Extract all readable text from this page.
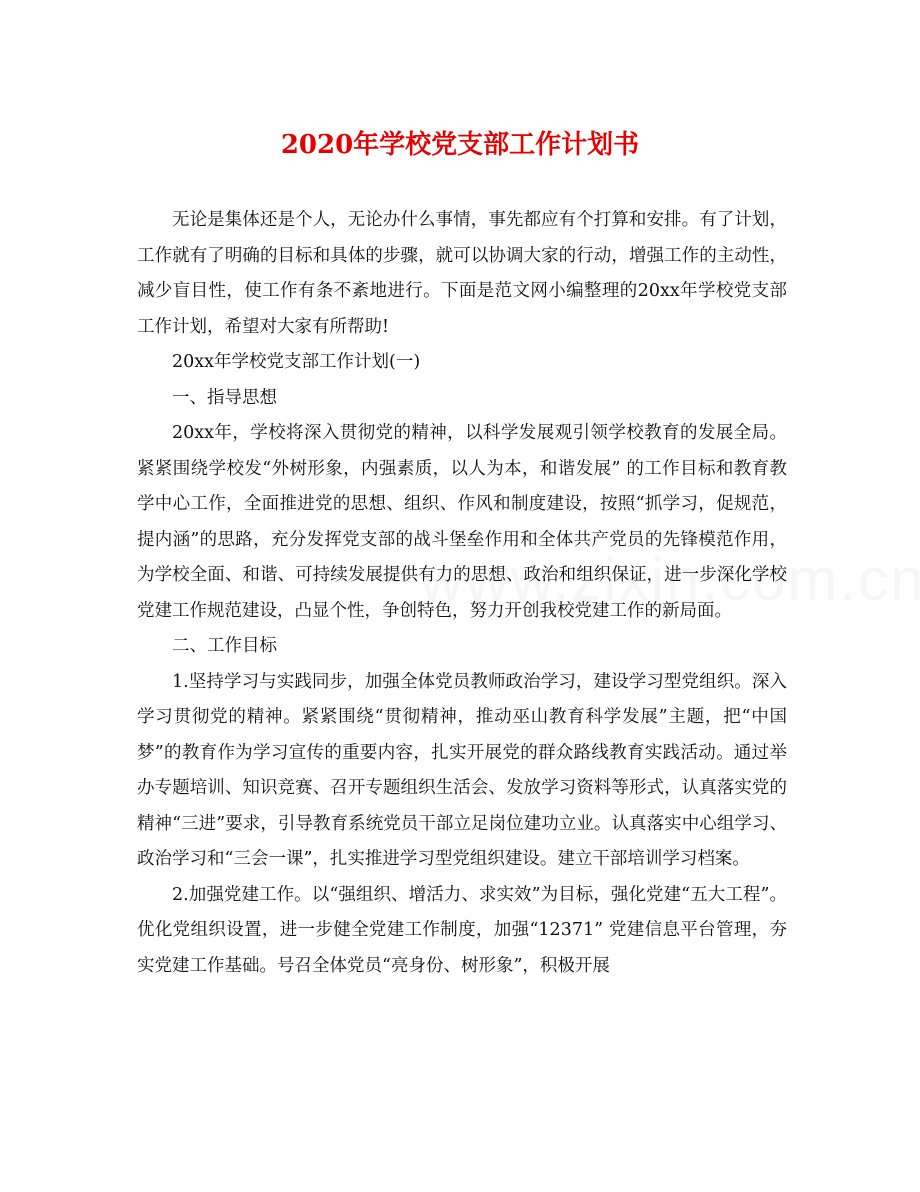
2020年学校党支部工作计划书

无论是集体还是个人，无论办什么事情，事先都应有个打算和安排。有了计划，工作就有了明确的目标和具体的步骤，就可以协调大家的行动，增强工作的主动性，减少盲目性，使工作有条不紊地进行。下面是范文网小编整理的20xx年学校党支部工作计划，希望对大家有所帮助!

20xx年学校党支部工作计划(一)

一、指导思想

20xx年，学校将深入贯彻党的精神，以科学发展观引领学校教育的发展全局。紧紧围绕学校发“外树形象，内强素质，以人为本，和谐发展” 的工作目标和教育教学中心工作，全面推进党的思想、组织、作风和制度建设，按照“抓学习，促规范，提内涵”的思路，充分发挥党支部的战斗堡垒作用和全体共产党员的先锋模范作用，为学校全面、和谐、可持续发展提供有力的思想、政治和组织保证，进一步深化学校党建工作规范建设，凸显个性，争创特色，努力开创我校党建工作的新局面。

二、工作目标

1.坚持学习与实践同步，加强全体党员教师政治学习，建设学习型党组织。深入学习贯彻党的精神。紧紧围绕“贯彻精神，推动巫山教育科学发展”主题，把“中国梦”的教育作为学习宣传的重要内容，扎实开展党的群众路线教育实践活动。通过举办专题培训、知识竞赛、召开专题组织生活会、发放学习资料等形式，认真落实党的精神“三进”要求，引导教育系统党员干部立足岗位建功立业。认真落实中心组学习、政治学习和“三会一课”，扎实推进学习型党组织建设。建立干部培训学习档案。

2.加强党建工作。以“强组织、增活力、求实效”为目标，强化党建“五大工程”。优化党组织设置，进一步健全党建工作制度，加强“12371” 党建信息平台管理，夯实党建工作基础。号召全体党员“亮身份、树形象”，积极开展
